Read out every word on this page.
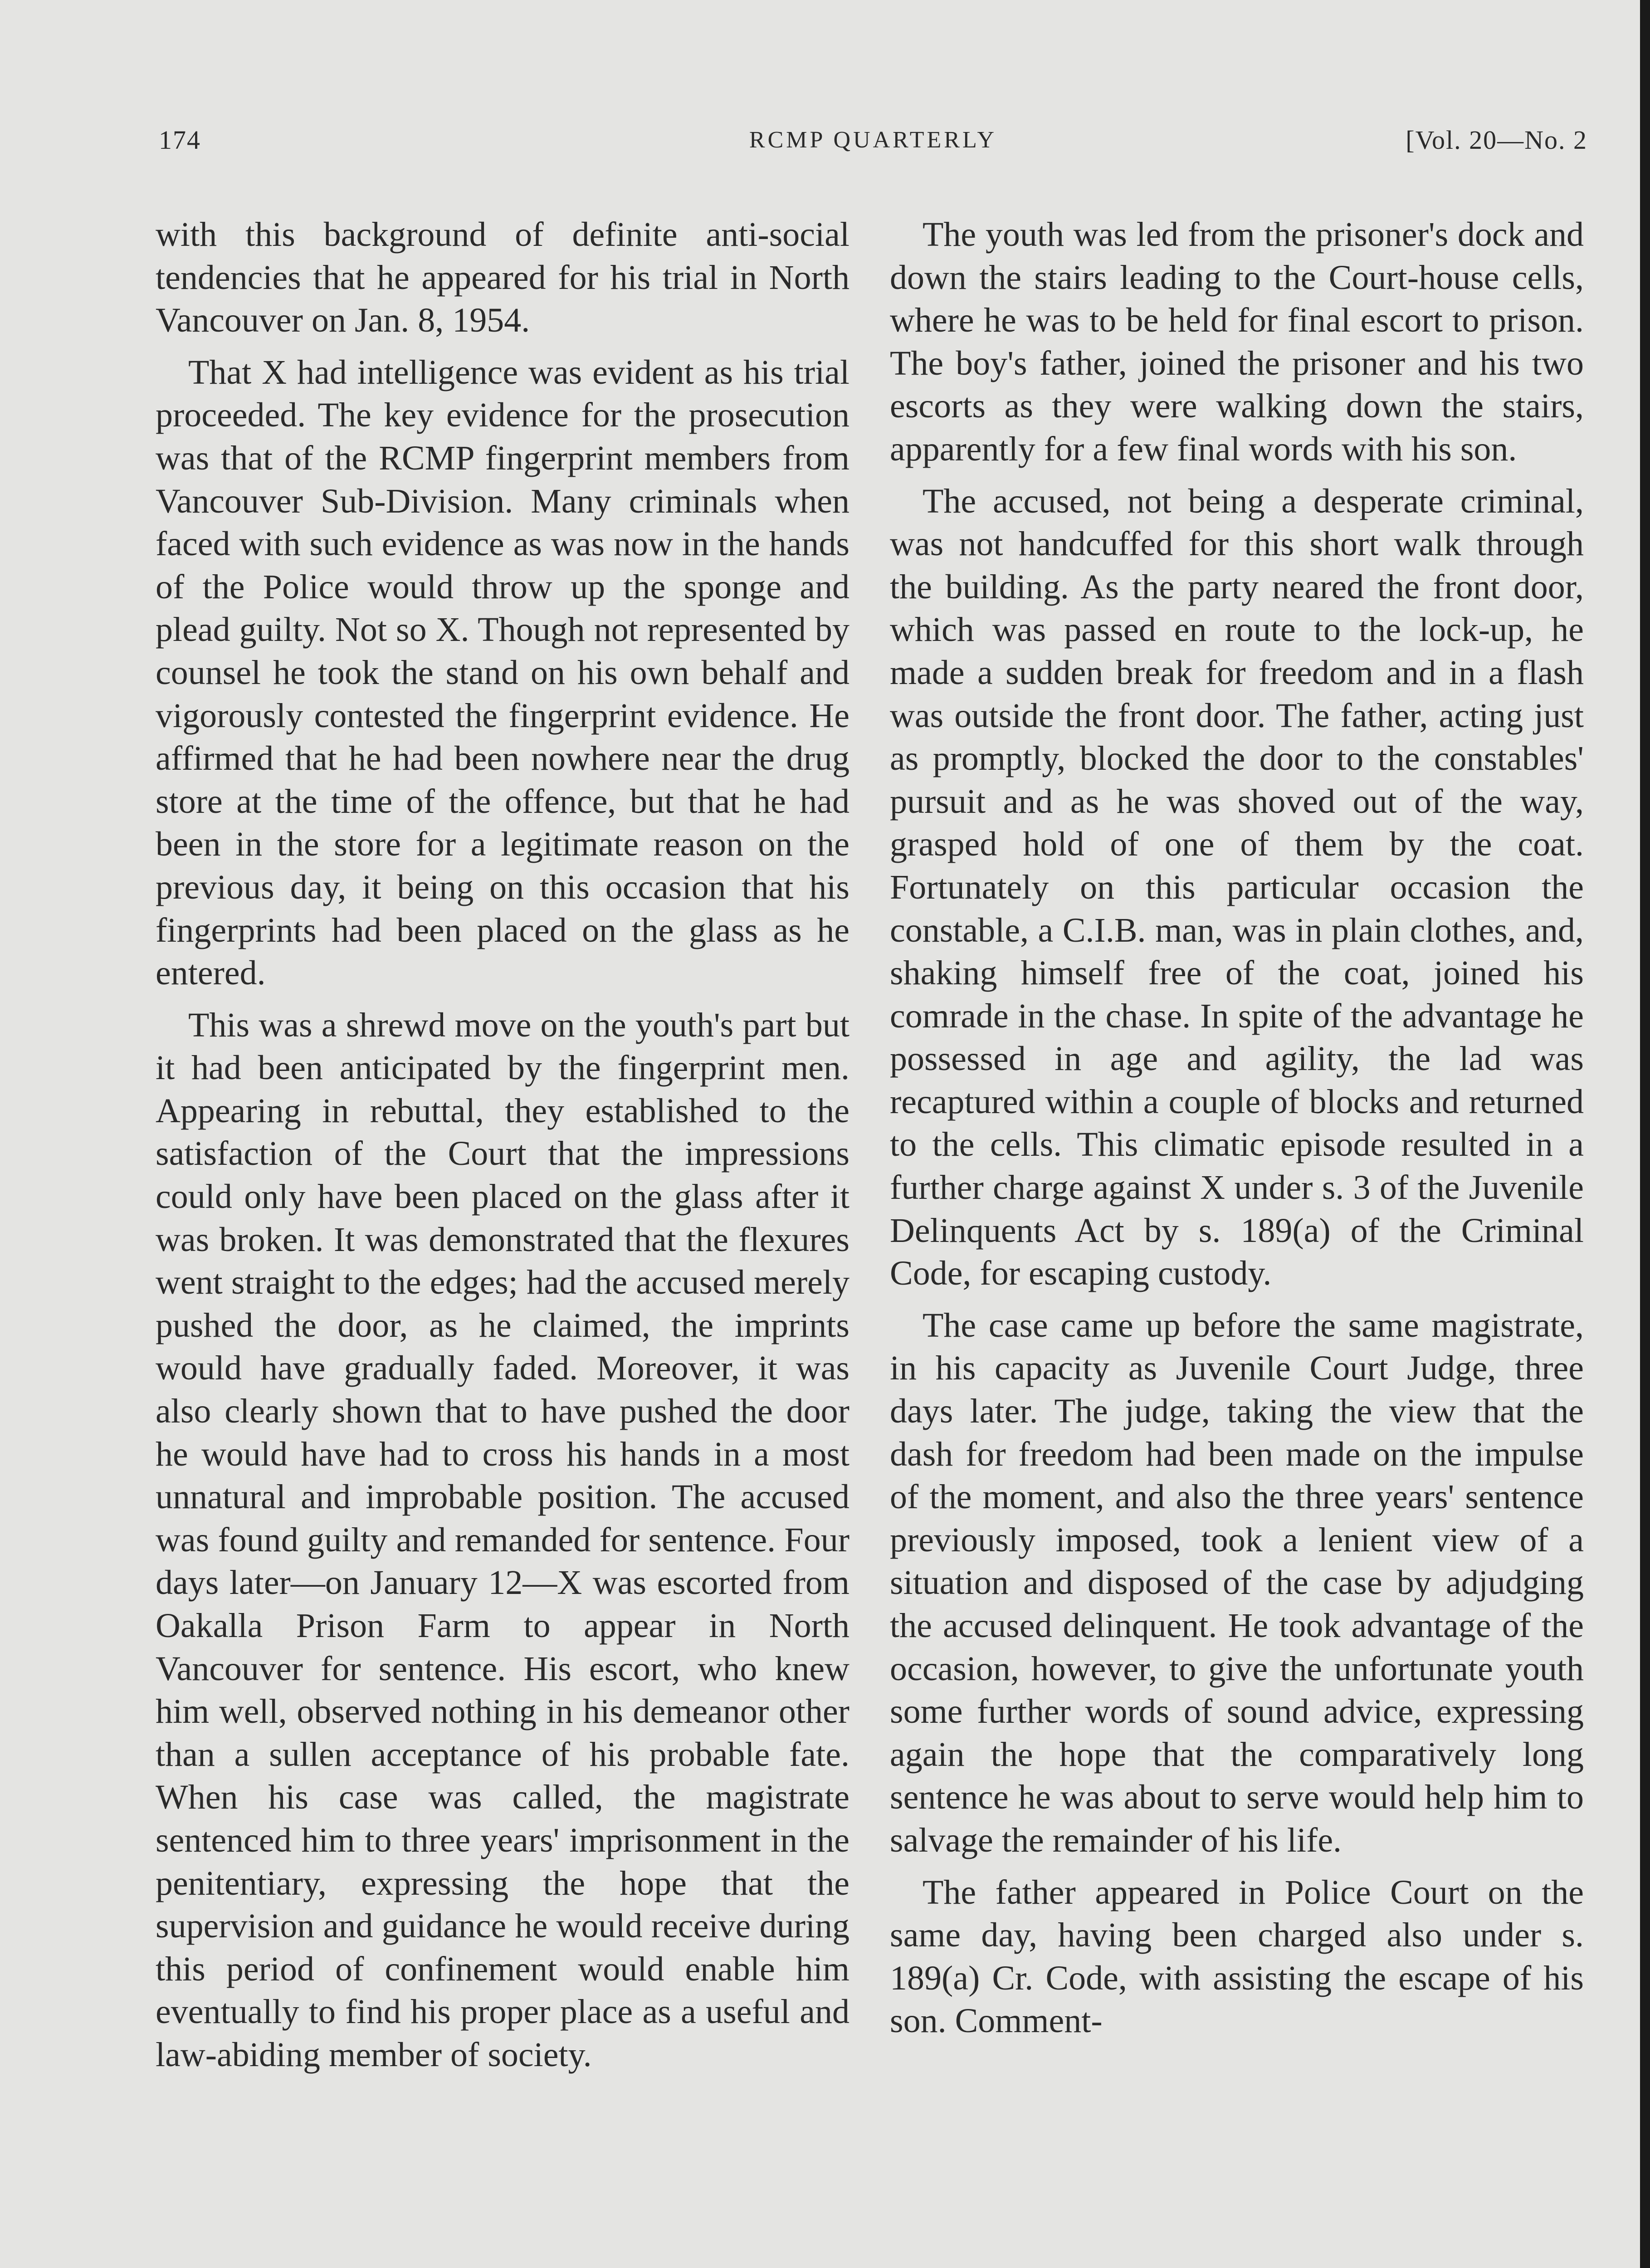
174	RCMP QUARTERLY	[Vol. 20—No. 2

with this background of definite anti-social tendencies that he appeared for his trial in North Vancouver on Jan. 8, 1954.

That X had intelligence was evident as his trial proceeded. The key evidence for the prosecution was that of the RCMP fingerprint members from Vancouver Sub-Division. Many criminals when faced with such evidence as was now in the hands of the Police would throw up the sponge and plead guilty. Not so X. Though not represented by counsel he took the stand on his own behalf and vigorously contested the fingerprint evidence. He affirmed that he had been nowhere near the drug store at the time of the offence, but that he had been in the store for a legitimate reason on the previous day, it being on this occasion that his fingerprints had been placed on the glass as he entered.

This was a shrewd move on the youth's part but it had been anticipated by the fingerprint men. Appearing in rebuttal, they established to the satisfaction of the Court that the impressions could only have been placed on the glass after it was broken. It was demonstrated that the flexures went straight to the edges; had the accused merely pushed the door, as he claimed, the imprints would have gradually faded. Moreover, it was also clearly shown that to have pushed the door he would have had to cross his hands in a most unnatural and improbable position. The accused was found guilty and remanded for sentence. Four days later—on January 12—X was escorted from Oakalla Prison Farm to appear in North Vancouver for sentence. His escort, who knew him well, observed nothing in his demeanor other than a sullen acceptance of his probable fate. When his case was called, the magistrate sentenced him to three years' imprisonment in the penitentiary, expressing the hope that the supervision and guidance he would receive during this period of confinement would enable him eventually to find his proper place as a useful and law-abiding member of society.

The youth was led from the prisoner's dock and down the stairs leading to the Court-house cells, where he was to be held for final escort to prison. The boy's father, joined the prisoner and his two escorts as they were walking down the stairs, apparently for a few final words with his son.

The accused, not being a desperate criminal, was not handcuffed for this short walk through the building. As the party neared the front door, which was passed en route to the lock-up, he made a sudden break for freedom and in a flash was outside the front door. The father, acting just as promptly, blocked the door to the constables' pursuit and as he was shoved out of the way, grasped hold of one of them by the coat. Fortunately on this particular occasion the constable, a C.I.B. man, was in plain clothes, and, shaking himself free of the coat, joined his comrade in the chase. In spite of the advantage he possessed in age and agility, the lad was recaptured within a couple of blocks and returned to the cells. This climatic episode resulted in a further charge against X under s. 3 of the Juvenile Delinquents Act by s. 189(a) of the Criminal Code, for escaping custody.

The case came up before the same magistrate, in his capacity as Juvenile Court Judge, three days later. The judge, taking the view that the dash for freedom had been made on the impulse of the moment, and also the three years' sentence previously imposed, took a lenient view of a situation and disposed of the case by adjudging the accused delinquent. He took advantage of the occasion, however, to give the unfortunate youth some further words of sound advice, expressing again the hope that the comparatively long sentence he was about to serve would help him to salvage the remainder of his life.

The father appeared in Police Court on the same day, having been charged also under s. 189(a) Cr. Code, with assisting the escape of his son. Comment-
